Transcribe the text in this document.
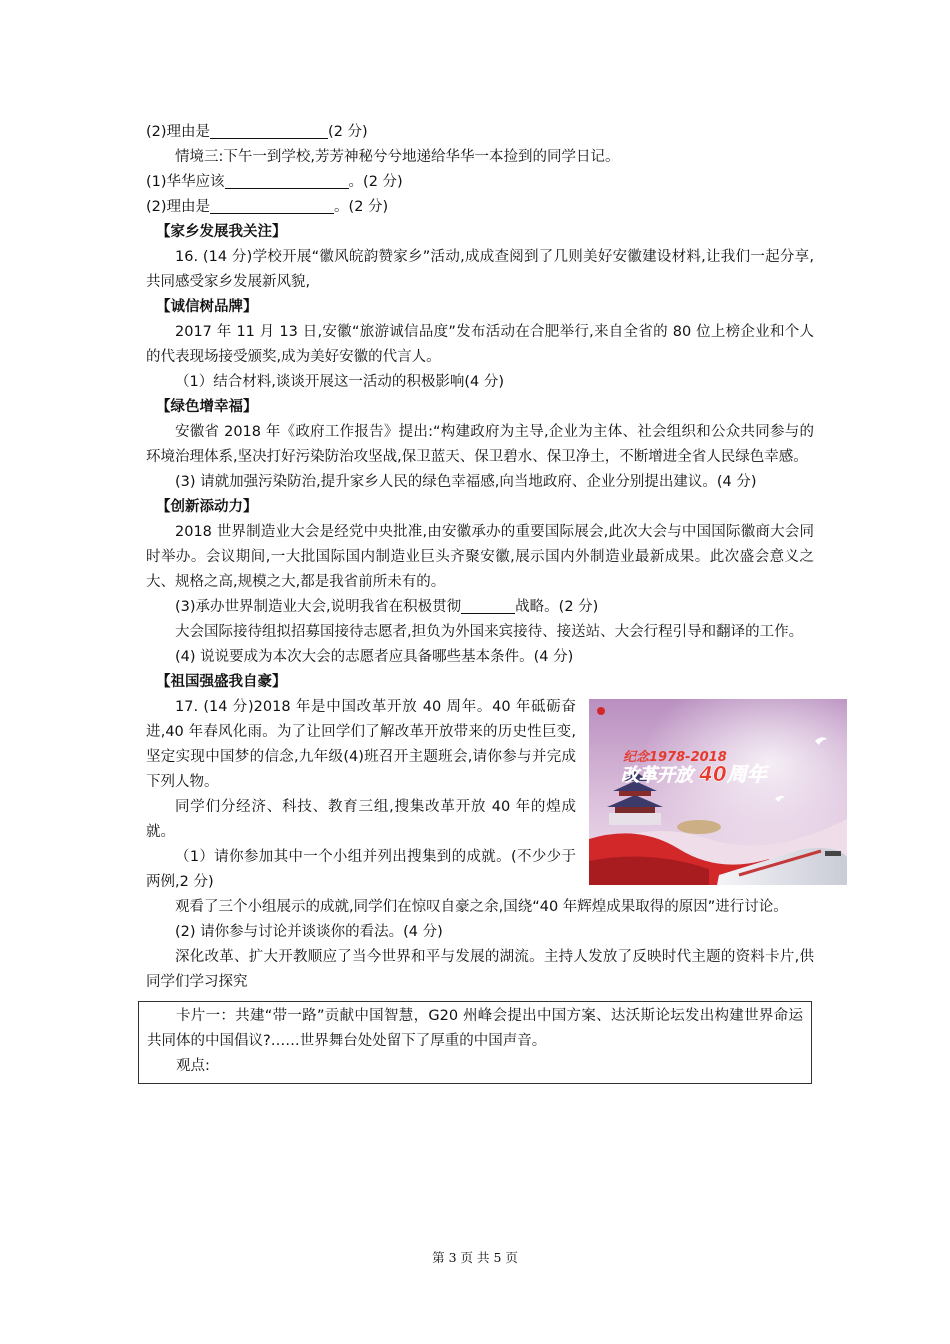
(2)理由是	(2 分)
情境三:下午一到学校,芳芳神秘兮兮地递给华华一本捡到的同学日记。
(1)华华应该	。(2 分)
(2)理由是	。(2 分)
【家乡发展我关注】
16. (14 分)学校开展“徽风皖韵赞家乡”活动,成成查阅到了几则美好安徽建设材料,让我们一起分享,共同感受家乡发展新风貌,
【诚信树品牌】
2017 年 11 月 13 日,安徽“旅游诚信品度”发布活动在合肥举行,来自全省的 80 位上榜企业和个人的代表现场接受颁奖,成为美好安徽的代言人。
（1）结合材料,谈谈开展这一活动的积极影响(4 分)
【绿色增幸福】
安徽省 2018 年《政府工作报告》提出:“构建政府为主导,企业为主体、社会组织和公众共同参与的环境治理体系,坚决打好污染防治攻坚战,保卫蓝天、保卫碧水、保卫净土，不断增进全省人民绿色幸感。
(3) 请就加强污染防治,提升家乡人民的绿色幸福感,向当地政府、企业分别提出建议。(4 分)
【创新添动力】
2018 世界制造业大会是经党中央批准,由安徽承办的重要国际展会,此次大会与中国国际徽商大会同时举办。会议期间,一大批国际国内制造业巨头齐聚安徽,展示国内外制造业最新成果。此次盛会意义之大、规格之高,规模之大,都是我省前所未有的。
(3)承办世界制造业大会,说明我省在积极贯彻	战略。(2 分)
大会国际接待组拟招募国接待志愿者,担负为外国来宾接待、接送站、大会行程引导和翻译的工作。
(4) 说说要成为本次大会的志愿者应具备哪些基本条件。(4 分)
【祖国强盛我自豪】
17. (14 分)2018 年是中国改革开放 40 周年。40 年砥砺奋进,40 年春风化雨。为了让回学们了解改革开放带来的历史性巨变,坚定实现中国梦的信念,九年级(4)班召开主题班会,请你参与并完成下列人物。
同学们分经济、科技、教育三组,搜集改革开放 40 年的煌成就。
（1）请你参加其中一个小组并列出搜集到的成就。(不少少于两例,2 分)
纪念1978-2018
改革开放 40周年
观看了三个小组展示的成就,同学们在惊叹自豪之余,国绕“40 年辉煌成果取得的原因”进行讨论。
(2) 请你参与讨论并谈谈你的看法。(4 分)
深化改革、扩大开教顺应了当今世界和平与发展的湖流。主持人发放了反映时代主题的资料卡片,供同学们学习探究
卡片一：共建“带一路”贡献中国智慧，G20 州峰会提出中国方案、达沃斯论坛发出构建世界命运共同体的中国倡议?……世界舞台处处留下了厚重的中国声音。
观点:
第 3 页 共 5 页
